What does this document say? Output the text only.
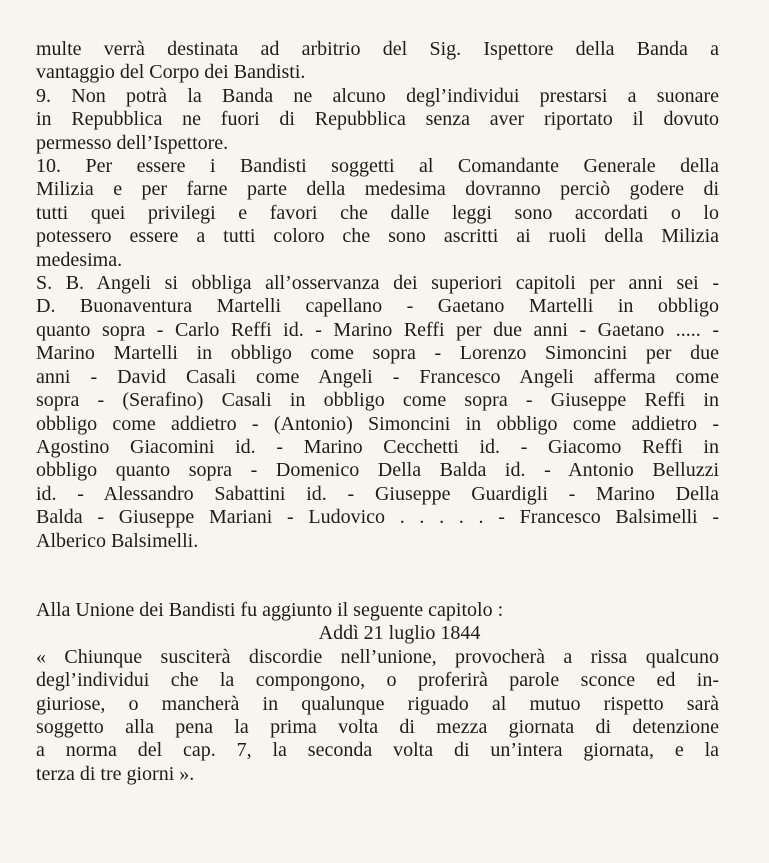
multe verrà destinata ad arbitrio del Sig. Ispettore della Banda a
vantaggio del Corpo dei Bandisti.

9. Non potrà la Banda ne alcuno degl’individui prestarsi a suonare
in Repubblica ne fuori di Repubblica senza aver riportato il dovuto
permesso dell’Ispettore.

10. Per essere i Bandisti soggetti al Comandante Generale della
Milizia e per farne parte della medesima dovranno perciò godere di
tutti quei privilegi e favori che dalle leggi sono accordati o lo
potessero essere a tutti coloro che sono ascritti ai ruoli della Milizia
medesima.

S. B. Angeli si obbliga all’osservanza dei superiori capitoli per anni sei -
D. Buonaventura Martelli capellano - Gaetano Martelli in obbligo
quanto sopra - Carlo Reffi id. - Marino Reffi per due anni - Gaetano ..... -
Marino Martelli in obbligo come sopra - Lorenzo Simoncini per due
anni - David Casali come Angeli - Francesco Angeli afferma come
sopra - (Serafino) Casali in obbligo come sopra - Giuseppe Reffi in
obbligo come addietro - (Antonio) Simoncini in obbligo come addietro -
Agostino Giacomini id. - Marino Cecchetti id. - Giacomo Reffi in
obbligo quanto sopra - Domenico Della Balda id. - Antonio Belluzzi
id. - Alessandro Sabattini id. - Giuseppe Guardigli - Marino Della
Balda - Giuseppe Mariani - Ludovico . . . . . - Francesco Balsimelli -
Alberico Balsimelli.

Alla Unione dei Bandisti fu aggiunto il seguente capitolo :
Addì 21 luglio 1844
« Chiunque susciterà discordie nell’unione, provocherà a rissa qualcuno
degl’individui che la compongono, o proferirà parole sconce ed in-
giuriose, o mancherà in qualunque riguado al mutuo rispetto sarà
soggetto alla pena la prima volta di mezza giornata di detenzione
a norma del cap. 7, la seconda volta di un’intera giornata, e la
terza di tre giorni ».
